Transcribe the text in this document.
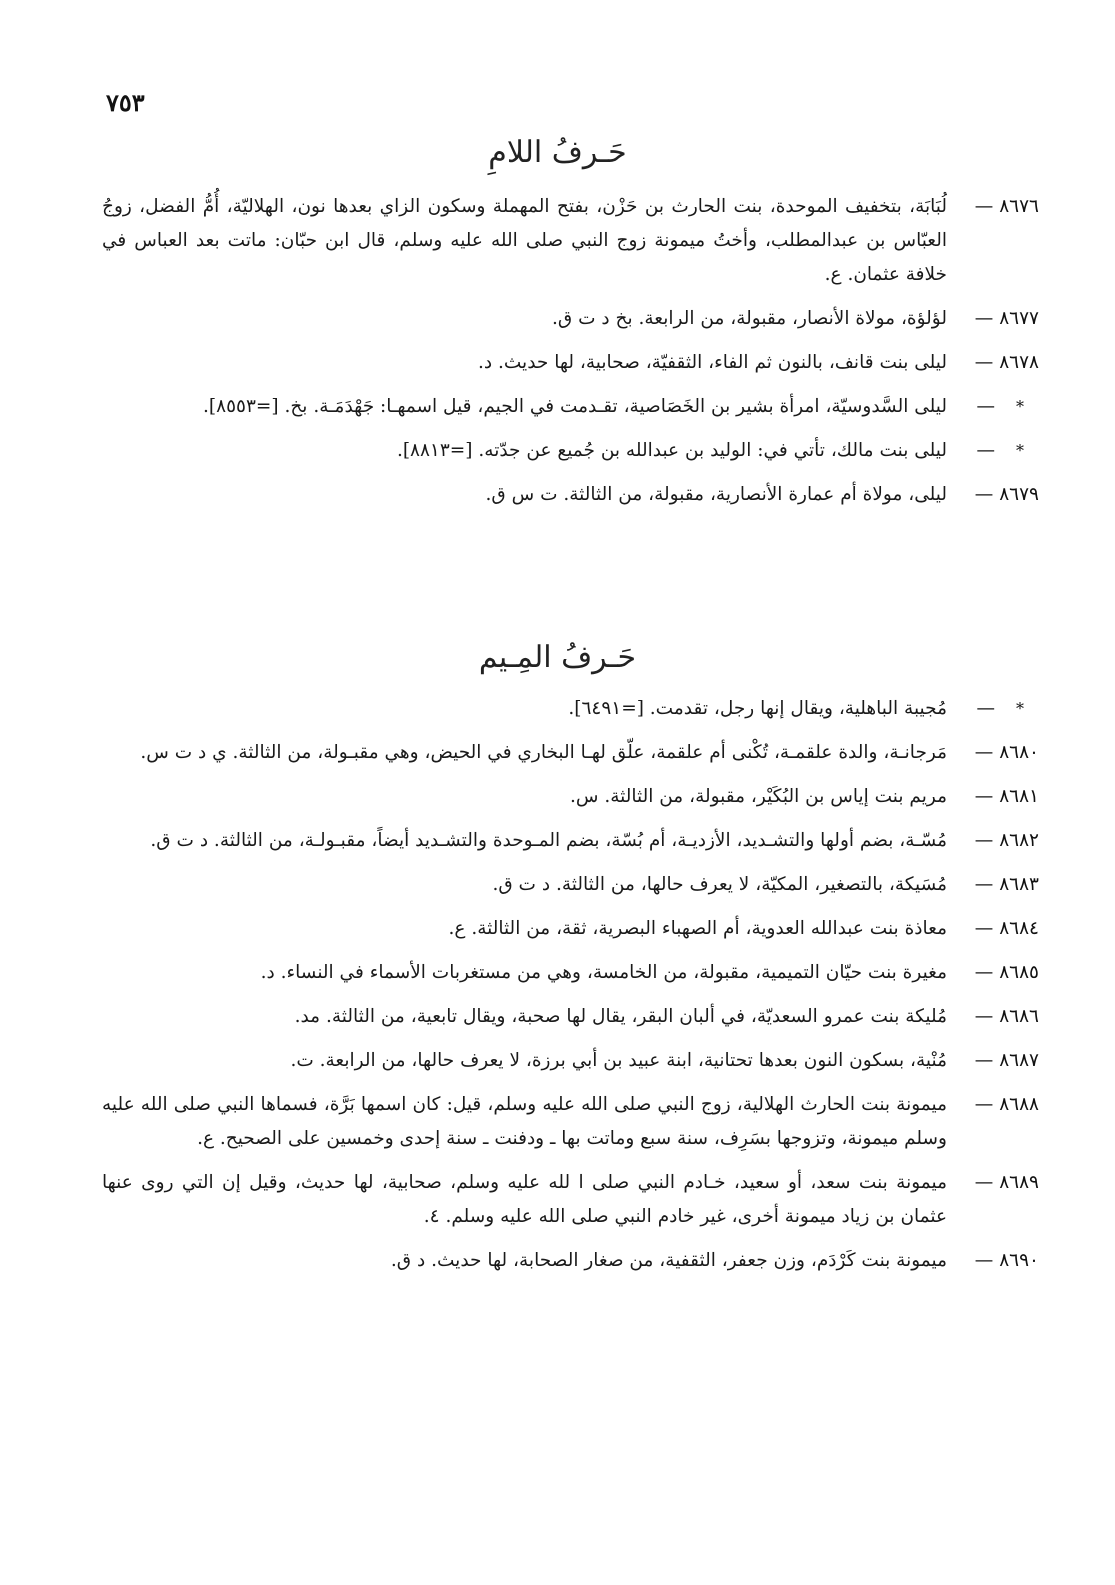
٧٥٣
حَـرفُ اللامِ
٨٦٧٦—
لُبَابَة، بتخفيف الموحدة، بنت الحارث بن حَزْن، بفتح المهملة وسكون الزاي بعدها نون، الهلاليّة، أُمُّ الفضل، زوجُ العبّاس بن عبدالمطلب، وأختُ ميمونة زوج النبي صلى الله عليه وسلم، قال ابن حبّان: ماتت بعد العباس في خلافة عثمان. ع.
٨٦٧٧—
لؤلؤة، مولاة الأنصار، مقبولة، من الرابعة. بخ د ت ق.
٨٦٧٨—
ليلى بنت قانف، بالنون ثم الفاء، الثقفيّة، صحابية، لها حديث. د.
*—
ليلى السَّدوسيّة، امرأة بشير بن الخَصَاصية، تقـدمت في الجيم، قيل اسمهـا: جَهْدَمَـة. بخ. [=٨٥٥٣].
*—
ليلى بنت مالك، تأتي في: الوليد بن عبدالله بن جُميع عن جدّته. [=٨٨١٣].
٨٦٧٩—
ليلى، مولاة أم عمارة الأنصارية، مقبولة، من الثالثة. ت س ق.
حَـرفُ المِـيم
*—
مُجيبة الباهلية، ويقال إنها رجل، تقدمت. [=٦٤٩١].
٨٦٨٠—
مَرجانـة، والدة علقمـة، تُكْنى أم علقمة، علّق لهـا البخاري في الحيض، وهي مقبـولة، من الثالثة. ي د ت س.
٨٦٨١—
مريم بنت إياس بن البُكَيْر، مقبولة، من الثالثة. س.
٨٦٨٢—
مُسّـة، بضم أولها والتشـديد، الأزديـة، أم بُسّة، بضم المـوحدة والتشـديد أيضاً، مقبـولـة، من الثالثة. د ت ق.
٨٦٨٣—
مُسَيكة، بالتصغير، المكيّة، لا يعرف حالها، من الثالثة. د ت ق.
٨٦٨٤—
معاذة بنت عبدالله العدوية، أم الصهباء البصرية، ثقة، من الثالثة. ع.
٨٦٨٥—
مغيرة بنت حيّان التميمية، مقبولة، من الخامسة، وهي من مستغربات الأسماء في النساء. د.
٨٦٨٦—
مُليكة بنت عمرو السعديّة، في ألبان البقر، يقال لها صحبة، ويقال تابعية، من الثالثة. مد.
٨٦٨٧—
مُنْية، بسكون النون بعدها تحتانية، ابنة عبيد بن أبي برزة، لا يعرف حالها، من الرابعة. ت.
٨٦٨٨—
ميمونة بنت الحارث الهلالية، زوج النبي صلى الله عليه وسلم، قيل: كان اسمها بَرَّة، فسماها النبي صلى الله عليه وسلم ميمونة، وتزوجها بسَرِف، سنة سبع وماتت بها ـ ودفنت ـ سنة إحدى وخمسين على الصحيح. ع.
٨٦٨٩—
ميمونة بنت سعد، أو سعيد، خـادم النبي صلى ا لله عليه وسلم، صحابية، لها حديث، وقيل إن التي روى عنها عثمان بن زياد ميمونة أخرى، غير خادم النبي صلى الله عليه وسلم. ٤.
٨٦٩٠—
ميمونة بنت كَرْدَم، وزن جعفر، الثقفية، من صغار الصحابة، لها حديث. د ق.
